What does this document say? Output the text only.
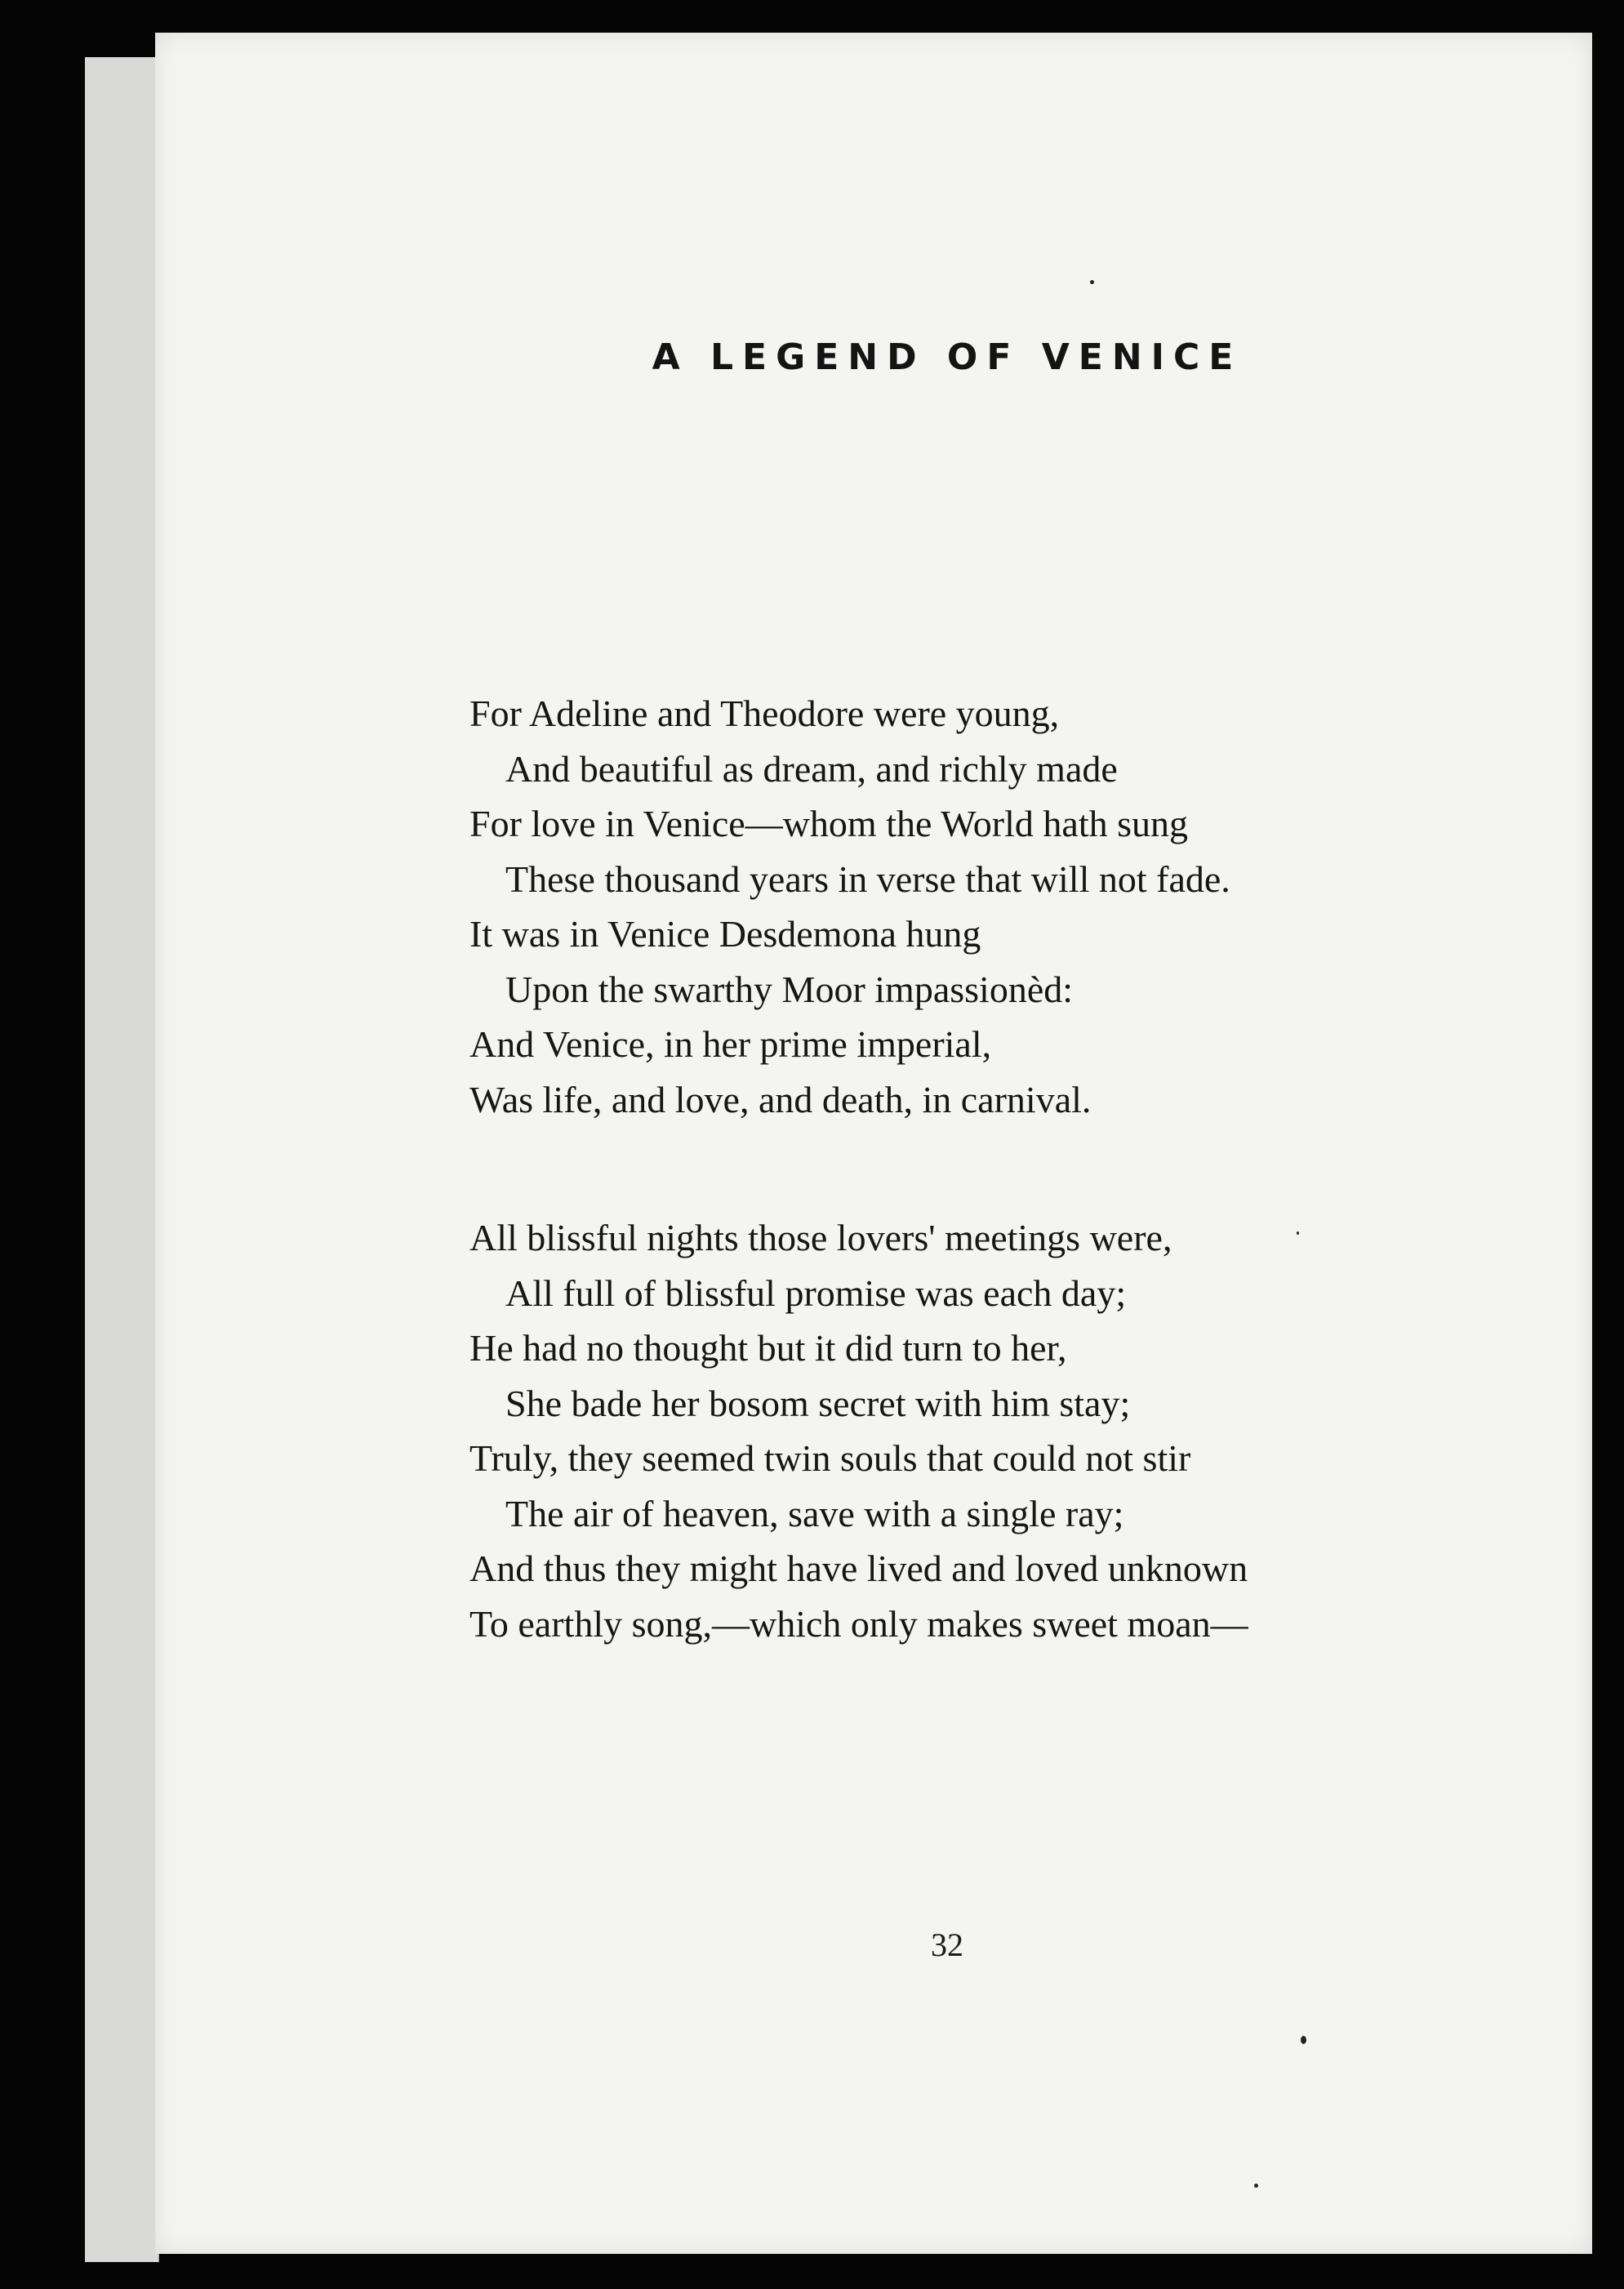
A LEGEND OF VENICE
For Adeline and Theodore were young,
And beautiful as dream, and richly made
For love in Venice—whom the World hath sung
These thousand years in verse that will not fade.
It was in Venice Desdemona hung
Upon the swarthy Moor impassionèd:
And Venice, in her prime imperial,
Was life, and love, and death, in carnival.
All blissful nights those lovers' meetings were,
All full of blissful promise was each day;
He had no thought but it did turn to her,
She bade her bosom secret with him stay;
Truly, they seemed twin souls that could not stir
The air of heaven, save with a single ray;
And thus they might have lived and loved unknown
To earthly song,—which only makes sweet moan—
32
